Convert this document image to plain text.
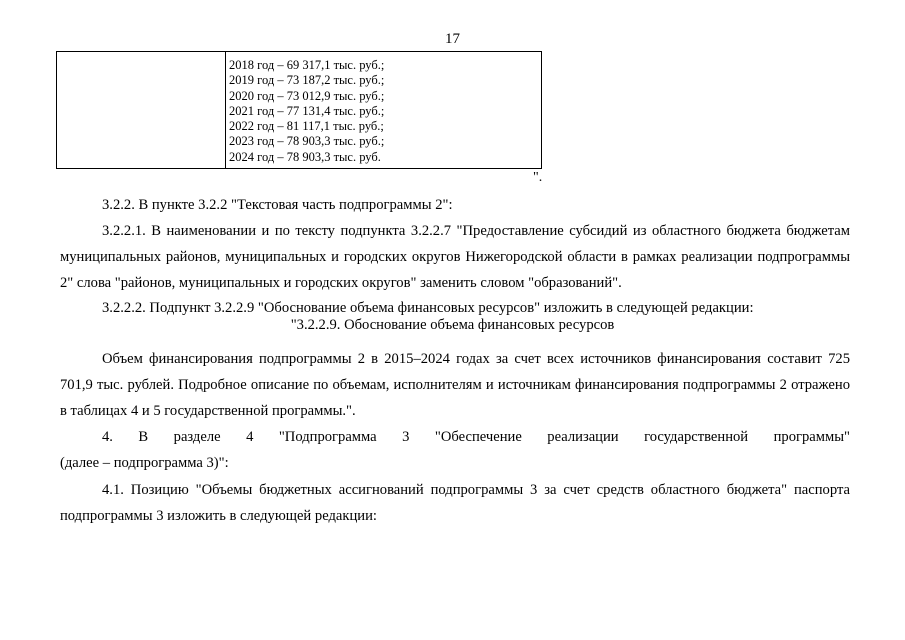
17
2018 год – 69 317,1 тыс. руб.;
2019 год – 73 187,2 тыс. руб.;
2020 год – 73 012,9 тыс. руб.;
2021 год – 77 131,4 тыс. руб.;
2022 год – 81 117,1 тыс. руб.;
2023 год – 78 903,3 тыс. руб.;
2024 год – 78 903,3 тыс. руб.
".

3.2.2. В пункте 3.2.2 "Текстовая часть подпрограммы 2":

3.2.2.1. В наименовании и по тексту подпункта 3.2.2.7 "Предоставление субсидий из областного бюджета бюджетам муниципальных районов, муниципальных и городских округов Нижегородской области в рамках реализации подпрограммы 2" слова "районов, муниципальных и городских округов" заменить словом "образований".

3.2.2.2. Подпункт 3.2.2.9 "Обоснование объема финансовых ресурсов" изложить в следующей редакции:

"3.2.2.9. Обоснование объема финансовых ресурсов

Объем финансирования подпрограммы 2 в 2015–2024 годах за счет всех источников финансирования составит 725 701,9 тыс. рублей. Подробное описание по объемам, исполнителям и источникам финансирования подпрограммы 2 отражено в таблицах 4 и 5 государственной программы.".

4. В разделе 4 "Подпрограмма 3 "Обеспечение реализации государственной программы"

(далее – подпрограмма 3)":

4.1. Позицию "Объемы бюджетных ассигнований подпрограммы 3 за счет средств областного бюджета" паспорта подпрограммы 3 изложить в следующей редакции:
